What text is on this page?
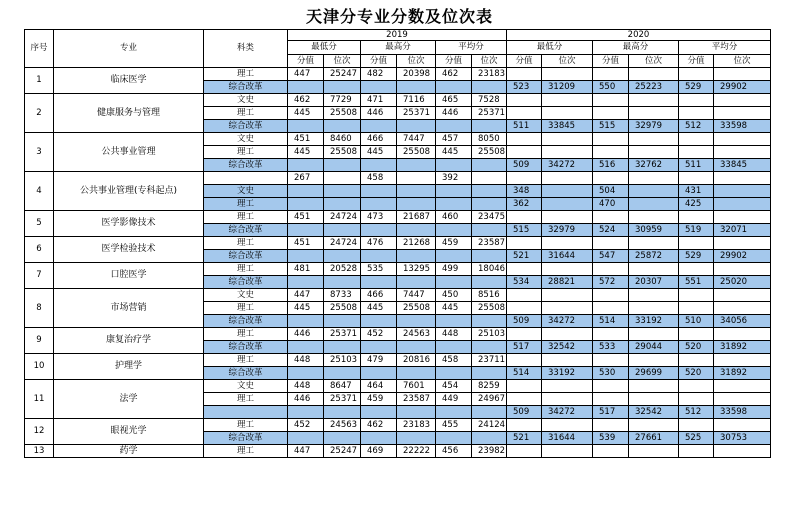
天津分专业分数及位次表
序号	专业	科类	2019						2020					
			最低分		最高分		平均分		最低分		最高分		平均分	
			分值	位次	分值	位次	分值	位次	分值	位次	分值	位次	分值	位次
1	临床医学	理工	447	25247	482	20398	462	23183						
		综合改革							523	31209	550	25223	529	29902
2	健康服务与管理	文史	462	7729	471	7116	465	7528						
		理工	445	25508	446	25371	446	25371						
		综合改革							511	33845	515	32979	512	33598
3	公共事业管理	文史	451	8460	466	7447	457	8050						
		理工	445	25508	445	25508	445	25508						
		综合改革							509	34272	516	32762	511	33845
4	公共事业管理(专科起点)		267		458		392							
		文史							348		504		431	
		理工							362		470		425	
5	医学影像技术	理工	451	24724	473	21687	460	23475						
		综合改革							515	32979	524	30959	519	32071
6	医学检验技术	理工	451	24724	476	21268	459	23587						
		综合改革							521	31644	547	25872	529	29902
7	口腔医学	理工	481	20528	535	13295	499	18046						
		综合改革							534	28821	572	20307	551	25020
8	市场营销	文史	447	8733	466	7447	450	8516						
		理工	445	25508	445	25508	445	25508						
		综合改革							509	34272	514	33192	510	34056
9	康复治疗学	理工	446	25371	452	24563	448	25103						
		综合改革							517	32542	533	29044	520	31892
10	护理学	理工	448	25103	479	20816	458	23711						
		综合改革							514	33192	530	29699	520	31892
11	法学	文史	448	8647	464	7601	454	8259						
		理工	446	25371	459	23587	449	24967						
									509	34272	517	32542	512	33598
12	眼视光学	理工	452	24563	462	23183	455	24124						
		综合改革							521	31644	539	27661	525	30753
13	药学	理工	447	25247	469	22222	456	23982						
